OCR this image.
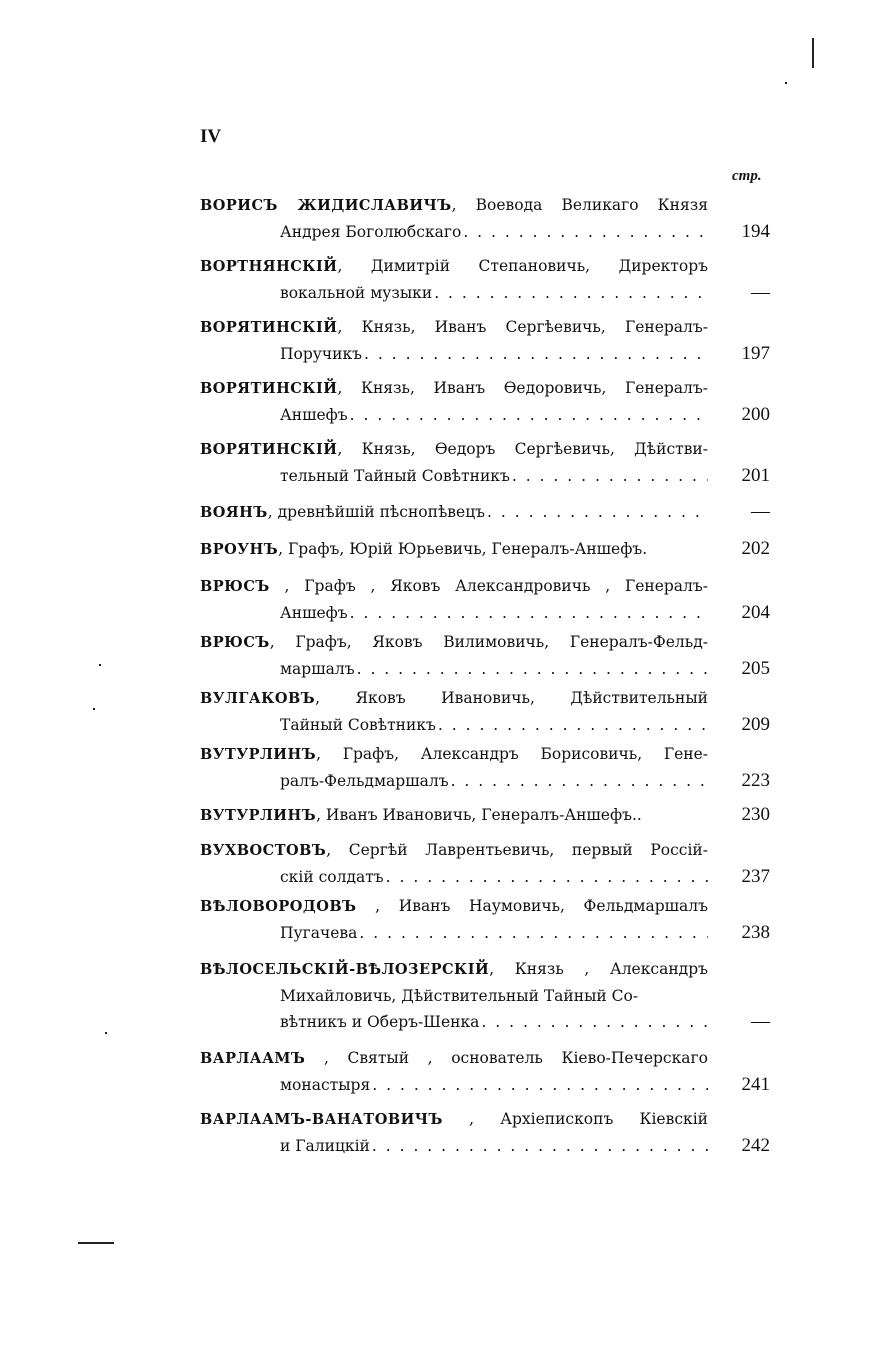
IV
стр.
ВОРИСЪ ЖИДИСЛАВИЧЪ, Воевода Великаго Князя
Андрея Боголюбскаго . . .	194
ВОРТНЯНСКІЙ, Димитрій Степановичь, Директоръ
вокальной музыки . . .	—
ВОРЯТИНСКІЙ, Князь, Иванъ Сергѣевичь, Генералъ-
Поручикъ . . .	197
ВОРЯТИНСКІЙ, Князь, Иванъ Ѳедоровичь, Генералъ-
Аншефъ . . .	200
ВОРЯТИНСКІЙ, Князь, Ѳедоръ Сергѣевичь, Дѣйстви-
тельный Тайный Совѣтникъ . . .	201
ВОЯНЪ , древнѣйшій пѣснопѣвецъ . . .	—
ВРОУНЪ , Графъ, Юрій Юрьевичь, Генералъ-Аншефъ.	202
ВРЮСЪ , Графъ , Яковъ Александровичь , Генералъ-
Аншефъ . . .	204
ВРЮСЪ, Графъ, Яковъ Вилимовичь, Генералъ-Фельд-
маршалъ . . .	205
ВУЛГАКОВЪ, Яковъ Ивановичь, Дѣйствительный
Тайный Совѣтникъ . . .	209
ВУТУРЛИНЪ, Графъ, Александръ Борисовичь, Гене-
ралъ-Фельдмаршалъ . . .	223
ВУТУРЛИНЪ , Иванъ Ивановичь, Генералъ-Аншефъ..	230
ВУХВОСТОВЪ, Сергѣй Лаврентьевичь, первый Россій-
скій солдатъ . . .	237
ВѢЛОВОРОДОВЪ , Иванъ Наумовичь, Фельдмаршалъ
Пугачева . . .	238
ВѢЛОСЕЛЬСКІЙ-ВѢЛОЗЕРСКІЙ, Князь , Александръ
Михайловичь, Дѣйствительный Тайный Со-
вѣтникъ и Оберъ-Шенка . . .	—
ВАРЛААМЪ , Святый , основатель Кіево-Печерскаго
монастыря . . .	241
ВАРЛААМЪ-ВАНАТОВИЧЪ , Архіепископъ Кіевскій
и Галицкій . . .	242
